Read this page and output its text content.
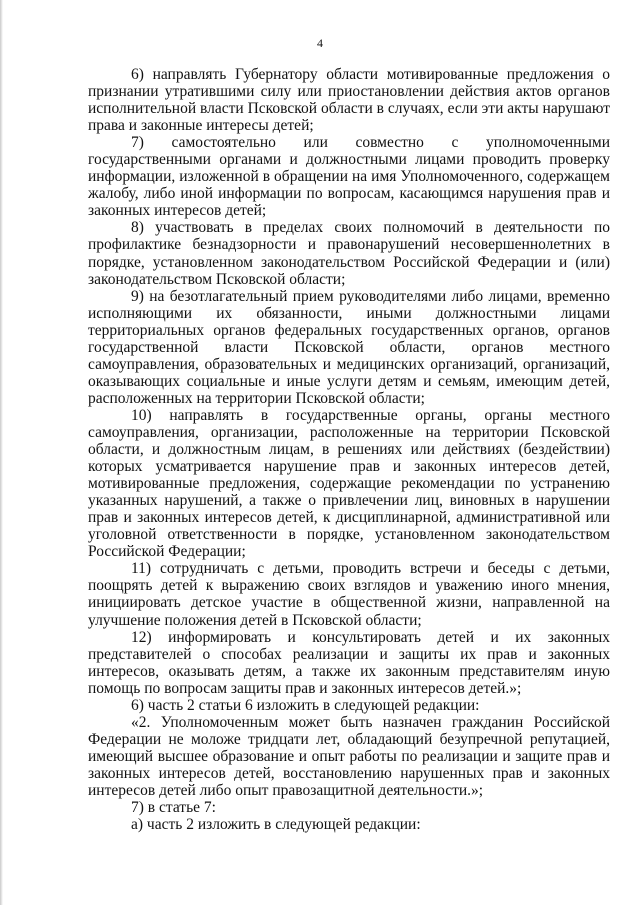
4

6) направлять Губернатору области мотивированные предложения о признании утратившими силу или приостановлении действия актов органов исполнительной власти Псковской области в случаях, если эти акты нарушают права и законные интересы детей;

7) самостоятельно или совместно с уполномоченными государственными органами и должностными лицами проводить проверку информации, изложенной в обращении на имя Уполномоченного, содержащем жалобу, либо иной информации по вопросам, касающимся нарушения прав и законных интересов детей;

8) участвовать в пределах своих полномочий в деятельности по профилактике безнадзорности и правонарушений несовершеннолетних в порядке, установленном законодательством Российской Федерации и (или) законодательством Псковской области;

9) на безотлагательный прием руководителями либо лицами, временно исполняющими их обязанности, иными должностными лицами территориальных органов федеральных государственных органов, органов государственной власти Псковской области, органов местного самоуправления, образовательных и медицинских организаций, организаций, оказывающих социальные и иные услуги детям и семьям, имеющим детей, расположенных на территории Псковской области;

10) направлять в государственные органы, органы местного самоуправления, организации, расположенные на территории Псковской области, и должностным лицам, в решениях или действиях (бездействии) которых усматривается нарушение прав и законных интересов детей, мотивированные предложения, содержащие рекомендации по устранению указанных нарушений, а также о привлечении лиц, виновных в нарушении прав и законных интересов детей, к дисциплинарной, административной или уголовной ответственности в порядке, установленном законодательством Российской Федерации;

11) сотрудничать с детьми, проводить встречи и беседы с детьми, поощрять детей к выражению своих взглядов и уважению иного мнения, инициировать детское участие в общественной жизни, направленной на улучшение положения детей в Псковской области;

12) информировать и консультировать детей и их законных представителей о способах реализации и защиты их прав и законных интересов, оказывать детям, а также их законным представителям иную помощь по вопросам защиты прав и законных интересов детей.»;

6) часть 2 статьи 6 изложить в следующей редакции:

«2. Уполномоченным может быть назначен гражданин Российской Федерации не моложе тридцати лет, обладающий безупречной репутацией, имеющий высшее образование и опыт работы по реализации и защите прав и законных интересов детей, восстановлению нарушенных прав и законных интересов детей либо опыт правозащитной деятельности.»;

7) в статье 7:

а) часть 2 изложить в следующей редакции:
